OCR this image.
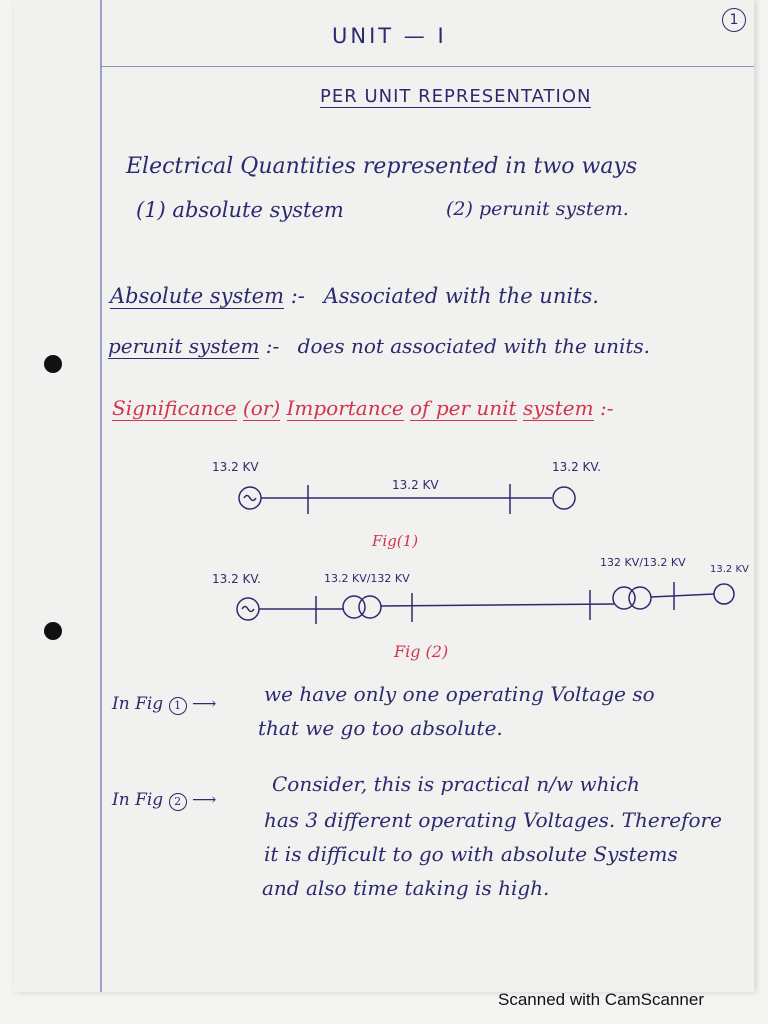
1
UNIT — I
PER UNIT REPRESENTATION
Electrical Quantities represented in two ways
(1) absolute system	(2) perunit system.
Absolute system :- Associated with the units.
perunit system :- does not associated with the units.
Significance (or) Importance of per unit system :-
13.2 KV
13.2 KV
13.2 KV.
Fig(1)
13.2 KV.	13.2 KV/132 KV
132 KV/13.2 KV
13.2 KV
Fig (2)
In Fig 1 ⟶ we have only one operating Voltage so
that we go too absolute.
In Fig 2 ⟶
Consider, this is practical n/w which
has 3 different operating Voltages. Therefore
it is difficult to go with absolute Systems
and also time taking is high.
Scanned with CamScanner
